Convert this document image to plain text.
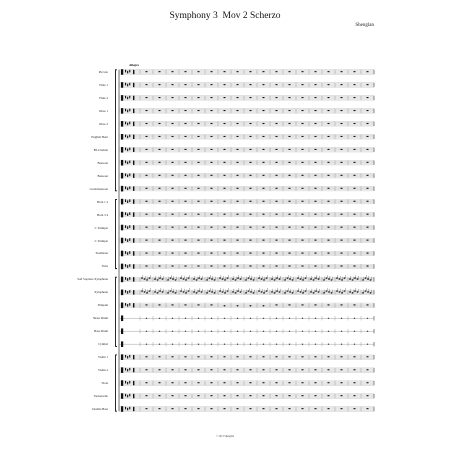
Symphony 3  Mov 2 Scherzo
Shenglan
Allegro
Piccolo
Flute 1
Flute 2
Oboe 1
Oboe 2
English Horn
Bb Clarinet
Bassoon
Bassoon
Contrabassoon
Horn 1 2
Horn 3 4
C Trumpet
C Trumpet
Trombone
Tuba
Soft Soprano Xylophone
Xylophone
Timpani
Snare Drum
Bass Drum
Cymbal
Violin 1
Violin 2
Viola
Violoncello
Double Bass
© 2013 Shenglan
